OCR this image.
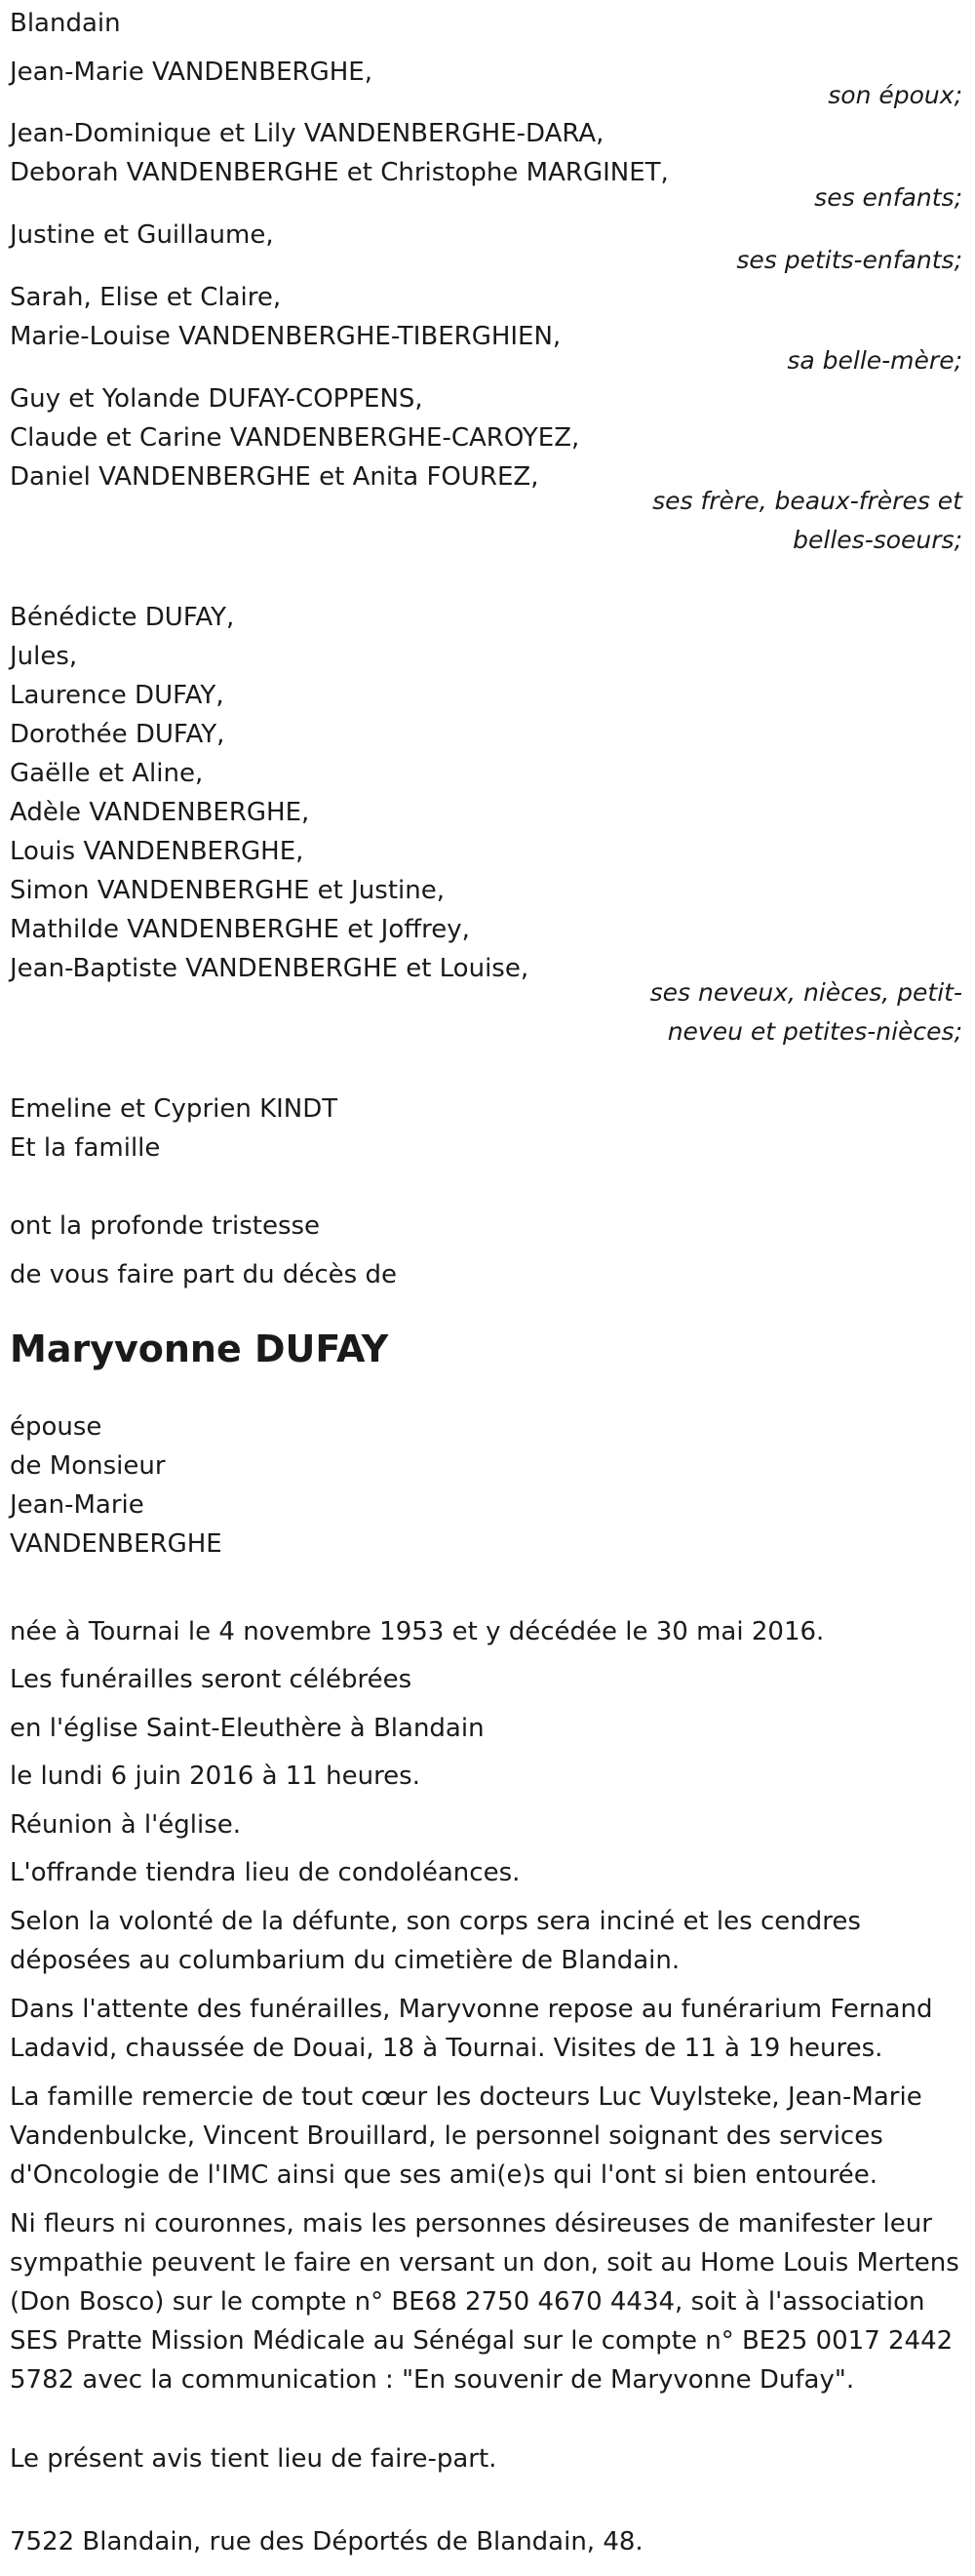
Blandain
Jean-Marie VANDENBERGHE,
son époux;
Jean-Dominique et Lily VANDENBERGHE-DARA,
Deborah VANDENBERGHE et Christophe MARGINET,
ses enfants;
Justine et Guillaume,
ses petits-enfants;
Sarah, Elise et Claire,
Marie-Louise VANDENBERGHE-TIBERGHIEN,
sa belle-mère;
Guy et Yolande DUFAY-COPPENS,
Claude et Carine VANDENBERGHE-CAROYEZ,
Daniel VANDENBERGHE et Anita FOUREZ,
ses frère, beaux-frères et belles-soeurs;
Bénédicte DUFAY,
Jules,
Laurence DUFAY,
Dorothée DUFAY,
Gaëlle et Aline,
Adèle VANDENBERGHE,
Louis VANDENBERGHE,
Simon VANDENBERGHE et Justine,
Mathilde VANDENBERGHE et Joffrey,
Jean-Baptiste VANDENBERGHE et Louise,
ses neveux, nièces, petit-neveu et petites-nièces;
Emeline et Cyprien KINDT
Et la famille
ont la profonde tristesse
de vous faire part du décès de
Maryvonne DUFAY
épouse
de Monsieur
Jean-Marie
VANDENBERGHE
née à Tournai le 4 novembre 1953 et y décédée le 30 mai 2016.
Les funérailles seront célébrées
en l'église Saint-Eleuthère à Blandain
le lundi 6 juin 2016 à 11 heures.
Réunion à l'église.
L'offrande tiendra lieu de condoléances.
Selon la volonté de la défunte, son corps sera inciné et les cendres déposées au columbarium du cimetière de Blandain.
Dans l'attente des funérailles, Maryvonne repose au funérarium Fernand Ladavid, chaussée de Douai, 18 à Tournai. Visites de 11 à 19 heures.
La famille remercie de tout cœur les docteurs Luc Vuylsteke, Jean-Marie Vandenbulcke, Vincent Brouillard, le personnel soignant des services d'Oncologie de l'IMC ainsi que ses ami(e)s qui l'ont si bien entourée.
Ni fleurs ni couronnes, mais les personnes désireuses de manifester leur sympathie peuvent le faire en versant un don, soit au Home Louis Mertens (Don Bosco) sur le compte n° BE68 2750 4670 4434, soit à l'association SES Pratte Mission Médicale au Sénégal sur le compte n° BE25 0017 2442 5782 avec la communication : "En souvenir de Maryvonne Dufay".
Le présent avis tient lieu de faire-part.
7522 Blandain, rue des Déportés de Blandain, 48.
